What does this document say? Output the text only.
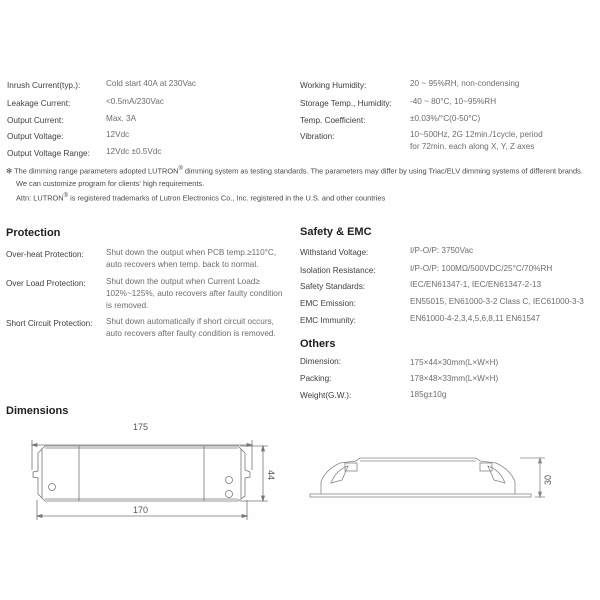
Inrush Current(typ.):	Cold start 40A at 230Vac
Leakage Current:	<0.5mA/230Vac
Output Current:	Max. 3A
Output Voltage:	12Vdc
Output Voltage Range: 12Vdc ±0.5Vdc
Working Humidity:	20 ~ 95%RH, non-condensing
Storage Temp., Humidity: -40 ~ 80°C, 10~95%RH
Temp. Coefficient:	±0.03%/°C(0-50°C)
Vibration:	10~500Hz, 2G 12min./1cycle, period
for 72min. each along X, Y, Z axes
✻ The dimming range parameters adopted LUTRON® dimming system as testing standards. The parameters may differ by using Triac/ELV dimming systems of different brands.
We can customize program for clients' high requirements.
Attn: LUTRON® is registered trademarks of Lutron Electronics Co., Inc. registered in the U.S. and other countries
Protection
Over-heat Protection:	Shut down the output when PCB temp.≥110°C,
auto recovers when temp. back to normal.
Over Load Protection: Shut down the output when Current Load≥
102%~125%, auto recovers after faulty condition
is removed.
Short Circuit Protection: Shut down automatically if short circuit occurs,
auto recovers after faulty condition is removed.
Safety & EMC
Withstand Voltage:	I/P-O/P: 3750Vac
Isolation Resistance:	I/P-O/P: 100MΩ/500VDC/25°C/70%RH
Safety Standards:	IEC/EN61347-1, IEC/EN61347-2-13
EMC Emission:	EN55015, EN61000-3-2 Class C, IEC61000-3-3
EMC Immunity:	EN61000-4-2,3,4,5,6,8,11 EN61547
Others
Dimension:	175×44×30mm(L×W×H)
Packing:	178×48×33mm(L×W×H)
Weight(G.W.):	185g±10g
Dimensions
175
170
44	30
